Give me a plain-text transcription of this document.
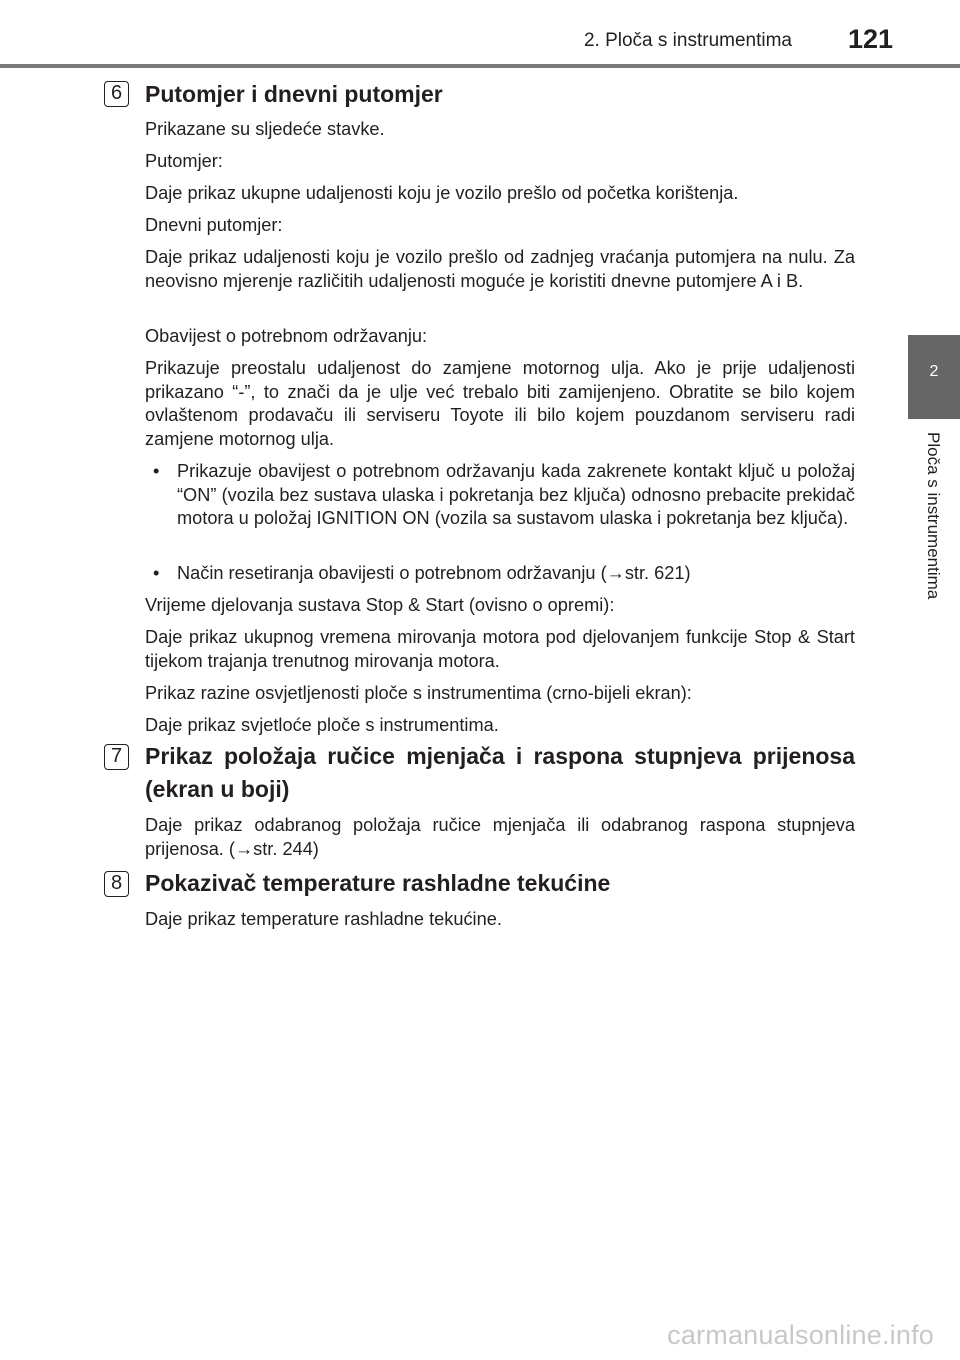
2. Ploča s instrumentima 121
2
Ploča s instrumentima
6 Putomjer i dnevni putomjer

Prikazane su sljedeće stavke.

Putomjer:

Daje prikaz ukupne udaljenosti koju je vozilo prešlo od početka korištenja.

Dnevni putomjer:

Daje prikaz udaljenosti koju je vozilo prešlo od zadnjeg vraćanja putomjera na nulu. Za neovisno mjerenje različitih udaljenosti moguće je koristiti dnevne putomjere A i B.

Obavijest o potrebnom održavanju:

Prikazuje preostalu udaljenost do zamjene motornog ulja. Ako je prije udaljenosti prikazano “-”, to znači da je ulje već trebalo biti zamijenjeno. Obratite se bilo kojem ovlaštenom prodavaču ili serviseru Toyote ili bilo kojem pouzdanom serviseru radi zamjene motornog ulja.

• Prikazuje obavijest o potrebnom održavanju kada zakrenete kontakt ključ u položaj “ON” (vozila bez sustava ulaska i pokretanja bez ključa) odnosno prebacite prekidač motora u položaj IGNITION ON (vozila sa sustavom ulaska i pokretanja bez ključa).

• Način resetiranja obavijesti o potrebnom održavanju (→str. 621)

Vrijeme djelovanja sustava Stop & Start (ovisno o opremi):

Daje prikaz ukupnog vremena mirovanja motora pod djelovanjem funkcije Stop & Start tijekom trajanja trenutnog mirovanja motora.

Prikaz razine osvjetljenosti ploče s instrumentima (crno-bijeli ekran):

Daje prikaz svjetloće ploče s instrumentima.

7 Prikaz položaja ručice mjenjača i raspona stupnjeva prijenosa (ekran u boji)

Daje prikaz odabranog položaja ručice mjenjača ili odabranog raspona stupnjeva prijenosa. (→str. 244)

8 Pokazivač temperature rashladne tekućine

Daje prikaz temperature rashladne tekućine.

carmanualsonline.info
